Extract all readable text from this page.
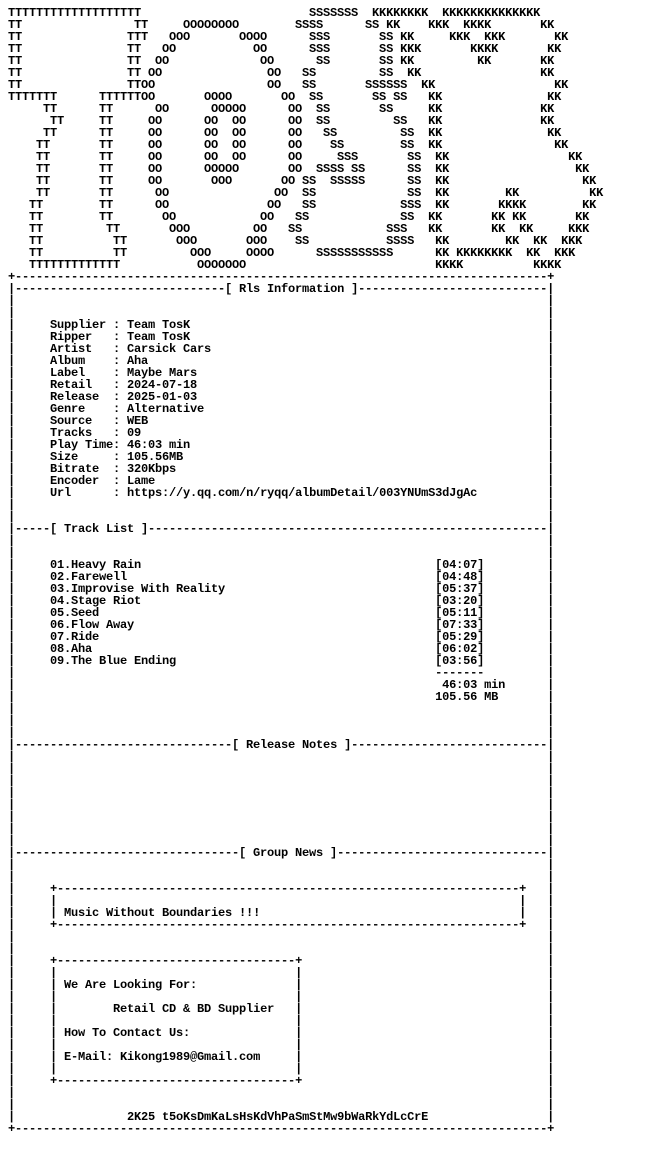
TTTTTTTTTTTTTTTTTTT                        SSSSSSS  KKKKKKKK  KKKKKKKKKKKKKK
TT                TT     OOOOOOOO        SSSS      SS KK    KKK  KKKK       KK
TT               TTT   OOO       OOOO      SSS       SS KK     KKK  KKK       KK
TT               TT   OO           OO      SSS       SS KKK       KKKK       KK
TT               TT  OO             OO      SS       SS KK         KK       KK
TT               TT OO               OO   SS         SS  KK                 KK
TT               TTOO                OO   SS       SSSSSS  KK                 KK
TTTTTTT      TTTTTTOO       OOOO       OO  SS       SS SS   KK               KK
TT      TT      OO      OOOOO      OO  SS       SS     KK              KK
TT     TT     OO      OO  OO      OO  SS         SS   KK              KK
TT      TT     OO      OO  OO      OO   SS         SS  KK               KK
TT       TT     OO      OO  OO      OO    SS        SS  KK                KK
TT       TT     OO      OO  OO      OO     SSS       SS  KK                 KK
TT       TT     OO      OOOOO       OO  SSSS SS      SS  KK                  KK
TT       TT     OO       OOO       OO SS  SSSSS      SS  KK                   KK
TT       TT      OO               OO  SS             SS  KK        KK          KK
TT        TT      OO              OO   SS            SSS  KK       KKKK        KK
TT        TT       OO            OO   SS             SS  KK       KK KK       KK
TT         TT       OOO         OO   SS            SSS   KK       KK  KK     KKK
TT          TT       OOO       OOO    SS           SSSS   KK        KK  KK  KKK
TT          TT         OOO     OOOO      SSSSSSSSSSS      KK KKKKKKKK  KK  KKK
TTTTTTTTTTTTT           OOOOOOO                           KKKK          KKKK
+----------------------------------------------------------------------------+
|------------------------------[ Rls Information ]---------------------------|
|	|
|	|
|	Supplier : Team TosK	|
|	Ripper   : Team TosK	|
|	Artist   : Carsick Cars	|
|	Album    : Aha	|
|	Label    : Maybe Mars	|
|	Retail   : 2024-07-18	|
|	Release  : 2025-01-03	|
|	Genre    : Alternative	|
|	Source   : WEB	|
|	Tracks   : 09	|
|	Play Time: 46:03 min	|
|	Size     : 105.56MB	|
|	Bitrate  : 320Kbps	|
|	Encoder  : Lame	|
|	Url      : https://y.qq.com/n/ryqq/albumDetail/003YNUmS3dJgAc	|
|	|
|	|
|-----[ Track List ]---------------------------------------------------------|
|	|
|	|
|	01.Heavy Rain	[04:07]	|
|	02.Farewell	[04:48]	|
|	03.Improvise With Reality	[05:37]	|
|	04.Stage Riot	[03:20]	|
|	05.Seed	[05:11]	|
|	06.Flow Away	[07:33]	|
|	07.Ride	[05:29]	|
|	08.Aha	[06:02]	|
|	09.The Blue Ending	[03:56]	|
|	-------	|
|	46:03 min	|
|	105.56 MB	|
|	|
|	|
|	|
|-------------------------------[ Release Notes ]----------------------------|
|	|
|	|
|	|
|	|
|	|
|	|
|	|
|	|
|--------------------------------[ Group News ]------------------------------|
|	|
|	|
|     +------------------------------------------------------------------+ |
|     |                                                                  | |
|     | Music Without Boundaries !!!                                     | |
|     +------------------------------------------------------------------+ |
|	|
|	|
|     +----------------------------------+	|
|     |                                  |	|
|     | We Are Looking For:              |	|
|     |                                  |	|
|     |        Retail CD & BD Supplier   |	|
|     |                                  |	|
|     | How To Contact Us:               |	|
|     |                                  |	|
|     | E-Mail: Kikong1989@Gmail.com     |	|
|     |                                  |	|
|     +----------------------------------+	|
|	|
|	|
|	2K25 t5oKsDmKaLsHsKdVhPaSmStMw9bWaRkYdLcCrE	|
+----------------------------------------------------------------------------+
